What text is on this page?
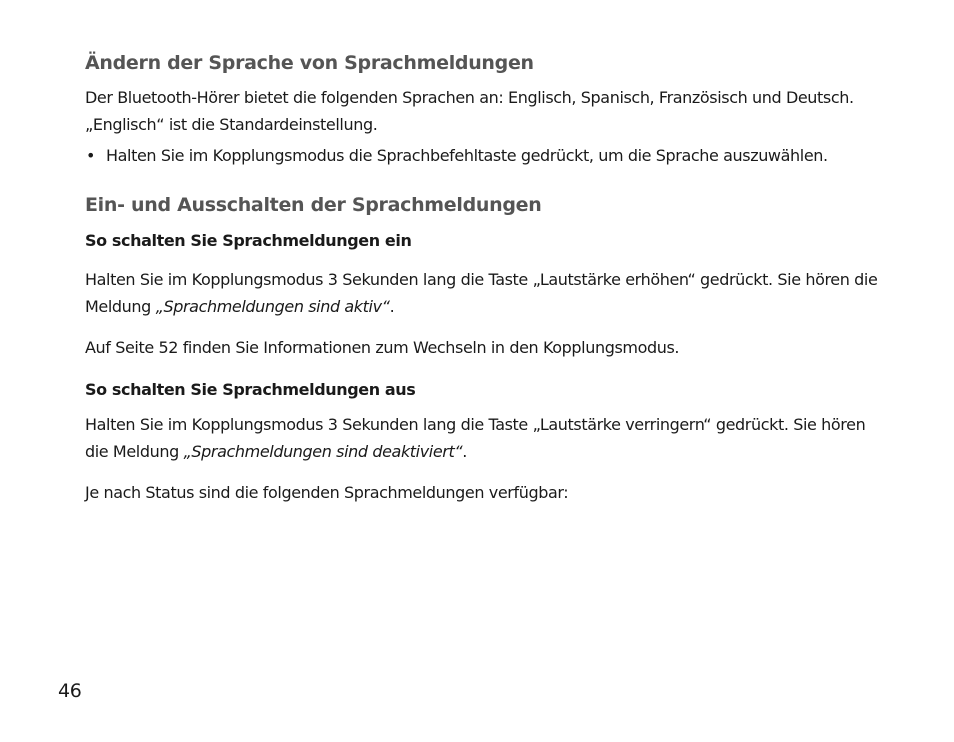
Ändern der Sprache von Sprachmeldungen

Der Bluetooth-Hörer bietet die folgenden Sprachen an: Englisch, Spanisch, Französisch und Deutsch. „Englisch“ ist die Standardeinstellung.

• Halten Sie im Kopplungsmodus die Sprachbefehltaste gedrückt, um die Sprache auszuwählen.
Ein- und Ausschalten der Sprachmeldungen
So schalten Sie Sprachmeldungen ein

Halten Sie im Kopplungsmodus 3 Sekunden lang die Taste „Lautstärke erhöhen“ gedrückt. Sie hören die Meldung „Sprachmeldungen sind aktiv“.

Auf Seite 52 finden Sie Informationen zum Wechseln in den Kopplungsmodus.

So schalten Sie Sprachmeldungen aus

Halten Sie im Kopplungsmodus 3 Sekunden lang die Taste „Lautstärke verringern“ gedrückt. Sie hören die Meldung „Sprachmeldungen sind deaktiviert“.

Je nach Status sind die folgenden Sprachmeldungen verfügbar:

46
